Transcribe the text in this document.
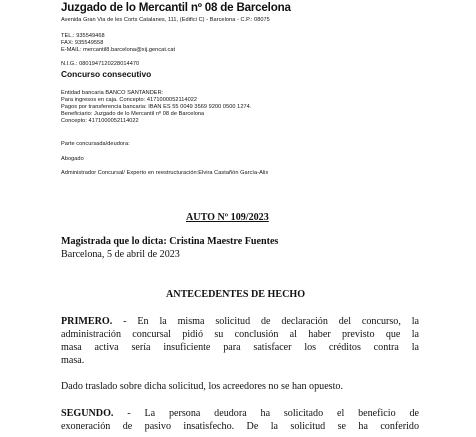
Juzgado de lo Mercantil nº 08 de Barcelona
Avenida Gran Via de les Corts Catalanes, 111, (Edifici C) - Barcelona - C.P.: 08075
TEL.: 935549468
FAX: 935549558
E-MAIL: mercantil8.barcelona@xij.gencat.cat
N.I.G.: 0801947120228014470
Concurso consecutivo
Entidad bancaria BANCO SANTANDER:
Para ingresos en caja. Concepto: 4171000052114022
Pagos por transferencia bancaria: IBAN ES 55 0049 3569 9200 0500 1274.
Beneficiario: Juzgado de lo Mercantil nº 08 de Barcelona
Concepto: 4171000052114022
Parte concursada/deudora:
Abogado
Administrador Concursal/ Experto en reestructuración:Elvira Castañón García-Alix
AUTO Nº 109/2023
Magistrada que lo dicta: Cristina Maestre Fuentes
Barcelona, 5 de abril de 2023
ANTECEDENTES DE HECHO
PRIMERO. - En la misma solicitud de declaración del concurso, la
administración concursal pidió su conclusión al haber previsto que la
masa activa sería insuficiente para satisfacer los créditos contra la
masa.
Dado traslado sobre dicha solicitud, los acreedores no se han opuesto.
SEGUNDO. - La persona deudora ha solicitado el beneficio de
exoneración de pasivo insatisfecho. De la solicitud se ha conferido
